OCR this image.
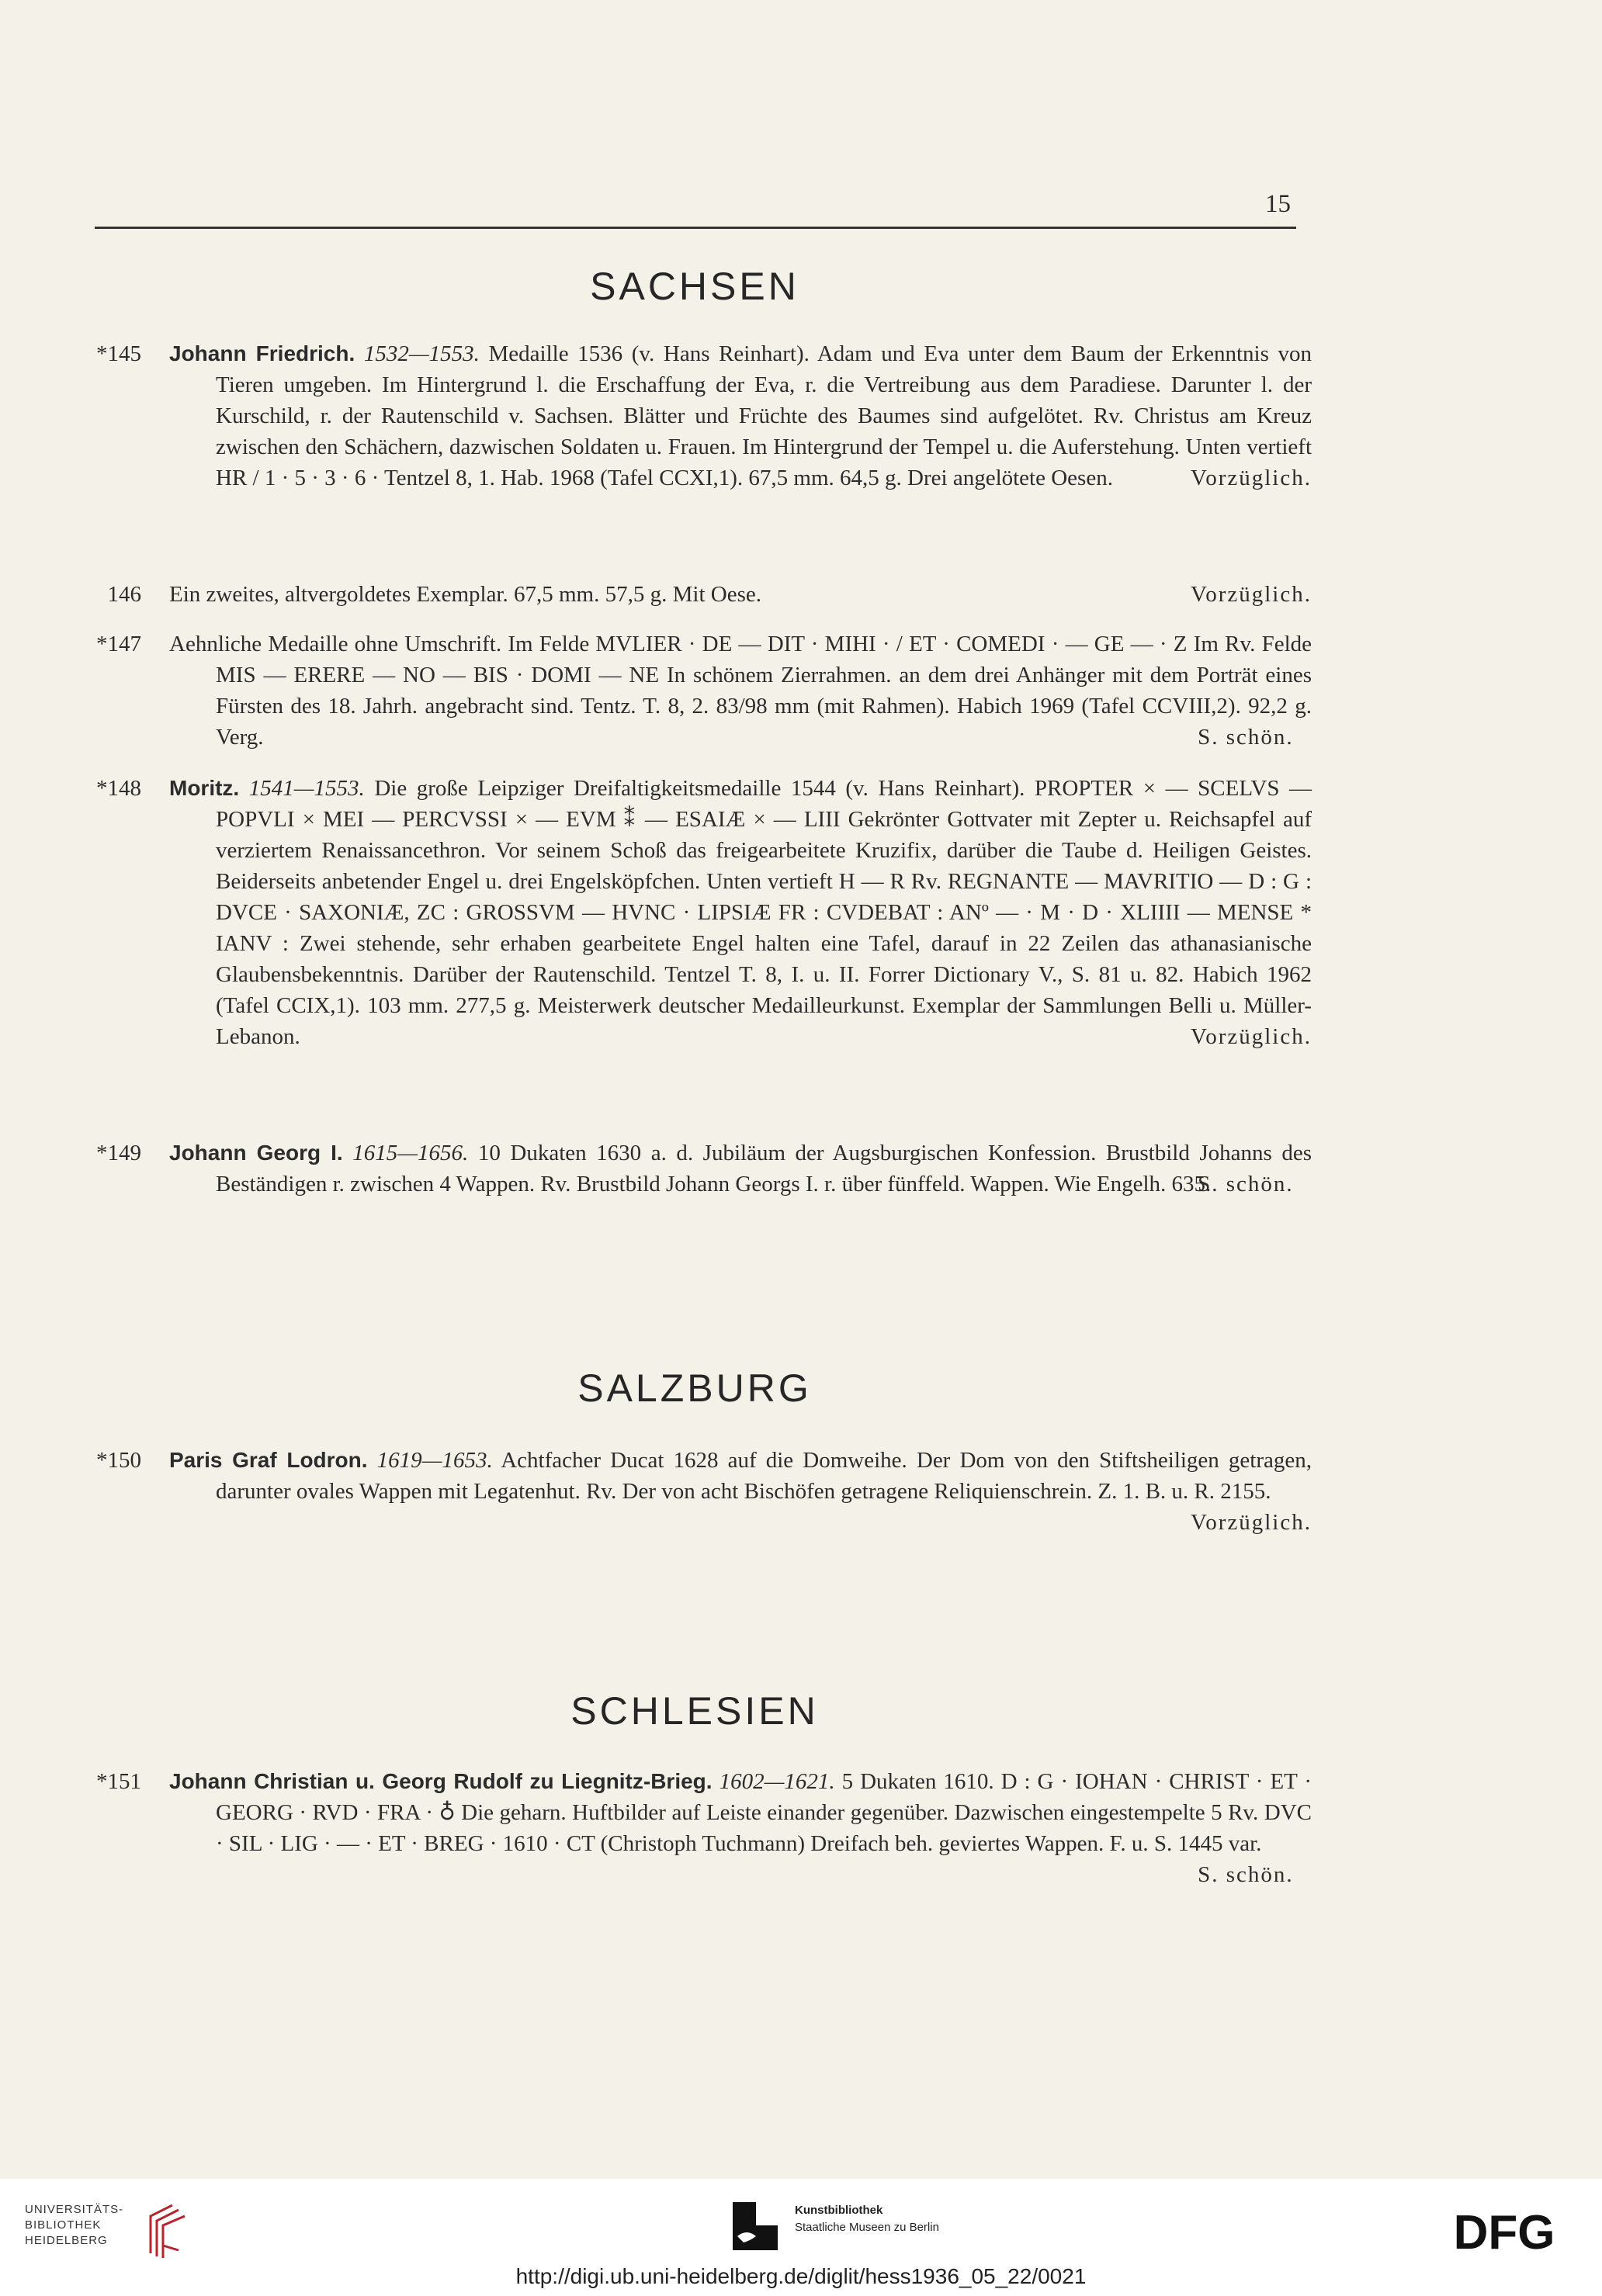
15
SACHSEN
*145 Johann Friedrich. 1532—1553. Medaille 1536 (v. Hans Reinhart). Adam und Eva unter dem Baum der Erkenntnis von Tieren umgeben. Im Hintergrund l. die Erschaffung der Eva, r. die Vertreibung aus dem Paradiese. Darunter l. der Kurschild, r. der Rautenschild v. Sachsen. Blätter und Früchte des Baumes sind aufgelötet. Rv. Christus am Kreuz zwischen den Schächern, dazwischen Soldaten u. Frauen. Im Hintergrund der Tempel u. die Auferstehung. Unten vertieft HR / 1 · 5 · 3 · 6 · Tentzel 8, 1. Hab. 1968 (Tafel CCXI,1). 67,5 mm. 64,5 g. Drei angelötete Oesen.	Vorzüglich.
146 Ein zweites, altvergoldetes Exemplar. 67,5 mm. 57,5 g. Mit Oese.	Vorzüglich.
*147 Aehnliche Medaille ohne Umschrift. Im Felde MVLIER · DE — DIT · MIHI · / ET · COMEDI · — GE — · Z Im Rv. Felde MIS — ERERE — NO — BIS · DOMI — NE In schönem Zierrahmen. an dem drei Anhänger mit dem Porträt eines Fürsten des 18. Jahrh. angebracht sind. Tentz. T. 8, 2. 83/98 mm (mit Rahmen). Habich 1969 (Tafel CCVIII,2). 92,2 g. Verg.	S. schön.
*148 Moritz. 1541—1553. Die große Leipziger Dreifaltigkeitsmedaille 1544 (v. Hans Reinhart). PROPTER × — SCELVS — POPVLI × MEI — PERCVSSI × — EVM ⁑ — ESAIÆ × — LIII Gekrönter Gottvater mit Zepter u. Reichsapfel auf verziertem Renaissancethron. Vor seinem Schoß das freigearbeitete Kruzifix, darüber die Taube d. Heiligen Geistes. Beiderseits anbetender Engel u. drei Engelsköpfchen. Unten vertieft H — R Rv. REGNANTE — MAVRITIO — D : G : DVCE · SAXONIÆ, ZC : GROSSVM — HVNC · LIPSIÆ FR : CVDEBAT : ANº — · M · D · XLIIII — MENSE * IANV : Zwei stehende, sehr erhaben gearbeitete Engel halten eine Tafel, darauf in 22 Zeilen das athanasianische Glaubensbekenntnis. Darüber der Rautenschild. Tentzel T. 8, I. u. II. Forrer Dictionary V., S. 81 u. 82. Habich 1962 (Tafel CCIX,1). 103 mm. 277,5 g. Meisterwerk deutscher Medailleurkunst. Exemplar der Sammlungen Belli u. Müller-Lebanon.	Vorzüglich.
*149 Johann Georg I. 1615—1656. 10 Dukaten 1630 a. d. Jubiläum der Augsburgischen Konfession. Brustbild Johanns des Beständigen r. zwischen 4 Wappen. Rv. Brustbild Johann Georgs I. r. über fünffeld. Wappen. Wie Engelh. 635.
S. schön.
SALZBURG
*150 Paris Graf Lodron. 1619—1653. Achtfacher Ducat 1628 auf die Domweihe. Der Dom von den Stiftsheiligen getragen, darunter ovales Wappen mit Legatenhut. Rv. Der von acht Bischöfen getragene Reliquienschrein. Z. 1. B. u. R. 2155.
Vorzüglich.
SCHLESIEN
*151 Johann Christian u. Georg Rudolf zu Liegnitz-Brieg. 1602—1621. 5 Dukaten 1610. D : G · IOHAN · CHRIST · ET · GEORG · RVD · FRA · ♁ Die geharn. Huftbilder auf Leiste einander gegenüber. Dazwischen eingestempelte 5 Rv. DVC · SIL · LIG · — · ET · BREG · 1610 · CT (Christoph Tuchmann) Dreifach beh. geviertes Wappen. F. u. S. 1445 var.
S. schön.
UNIVERSITÄTS-
BIBLIOTHEK
HEIDELBERG
Kunstbibliothek
Staatliche Museen zu Berlin	DFG
http://digi.ub.uni-heidelberg.de/diglit/hess1936_05_22/0021
